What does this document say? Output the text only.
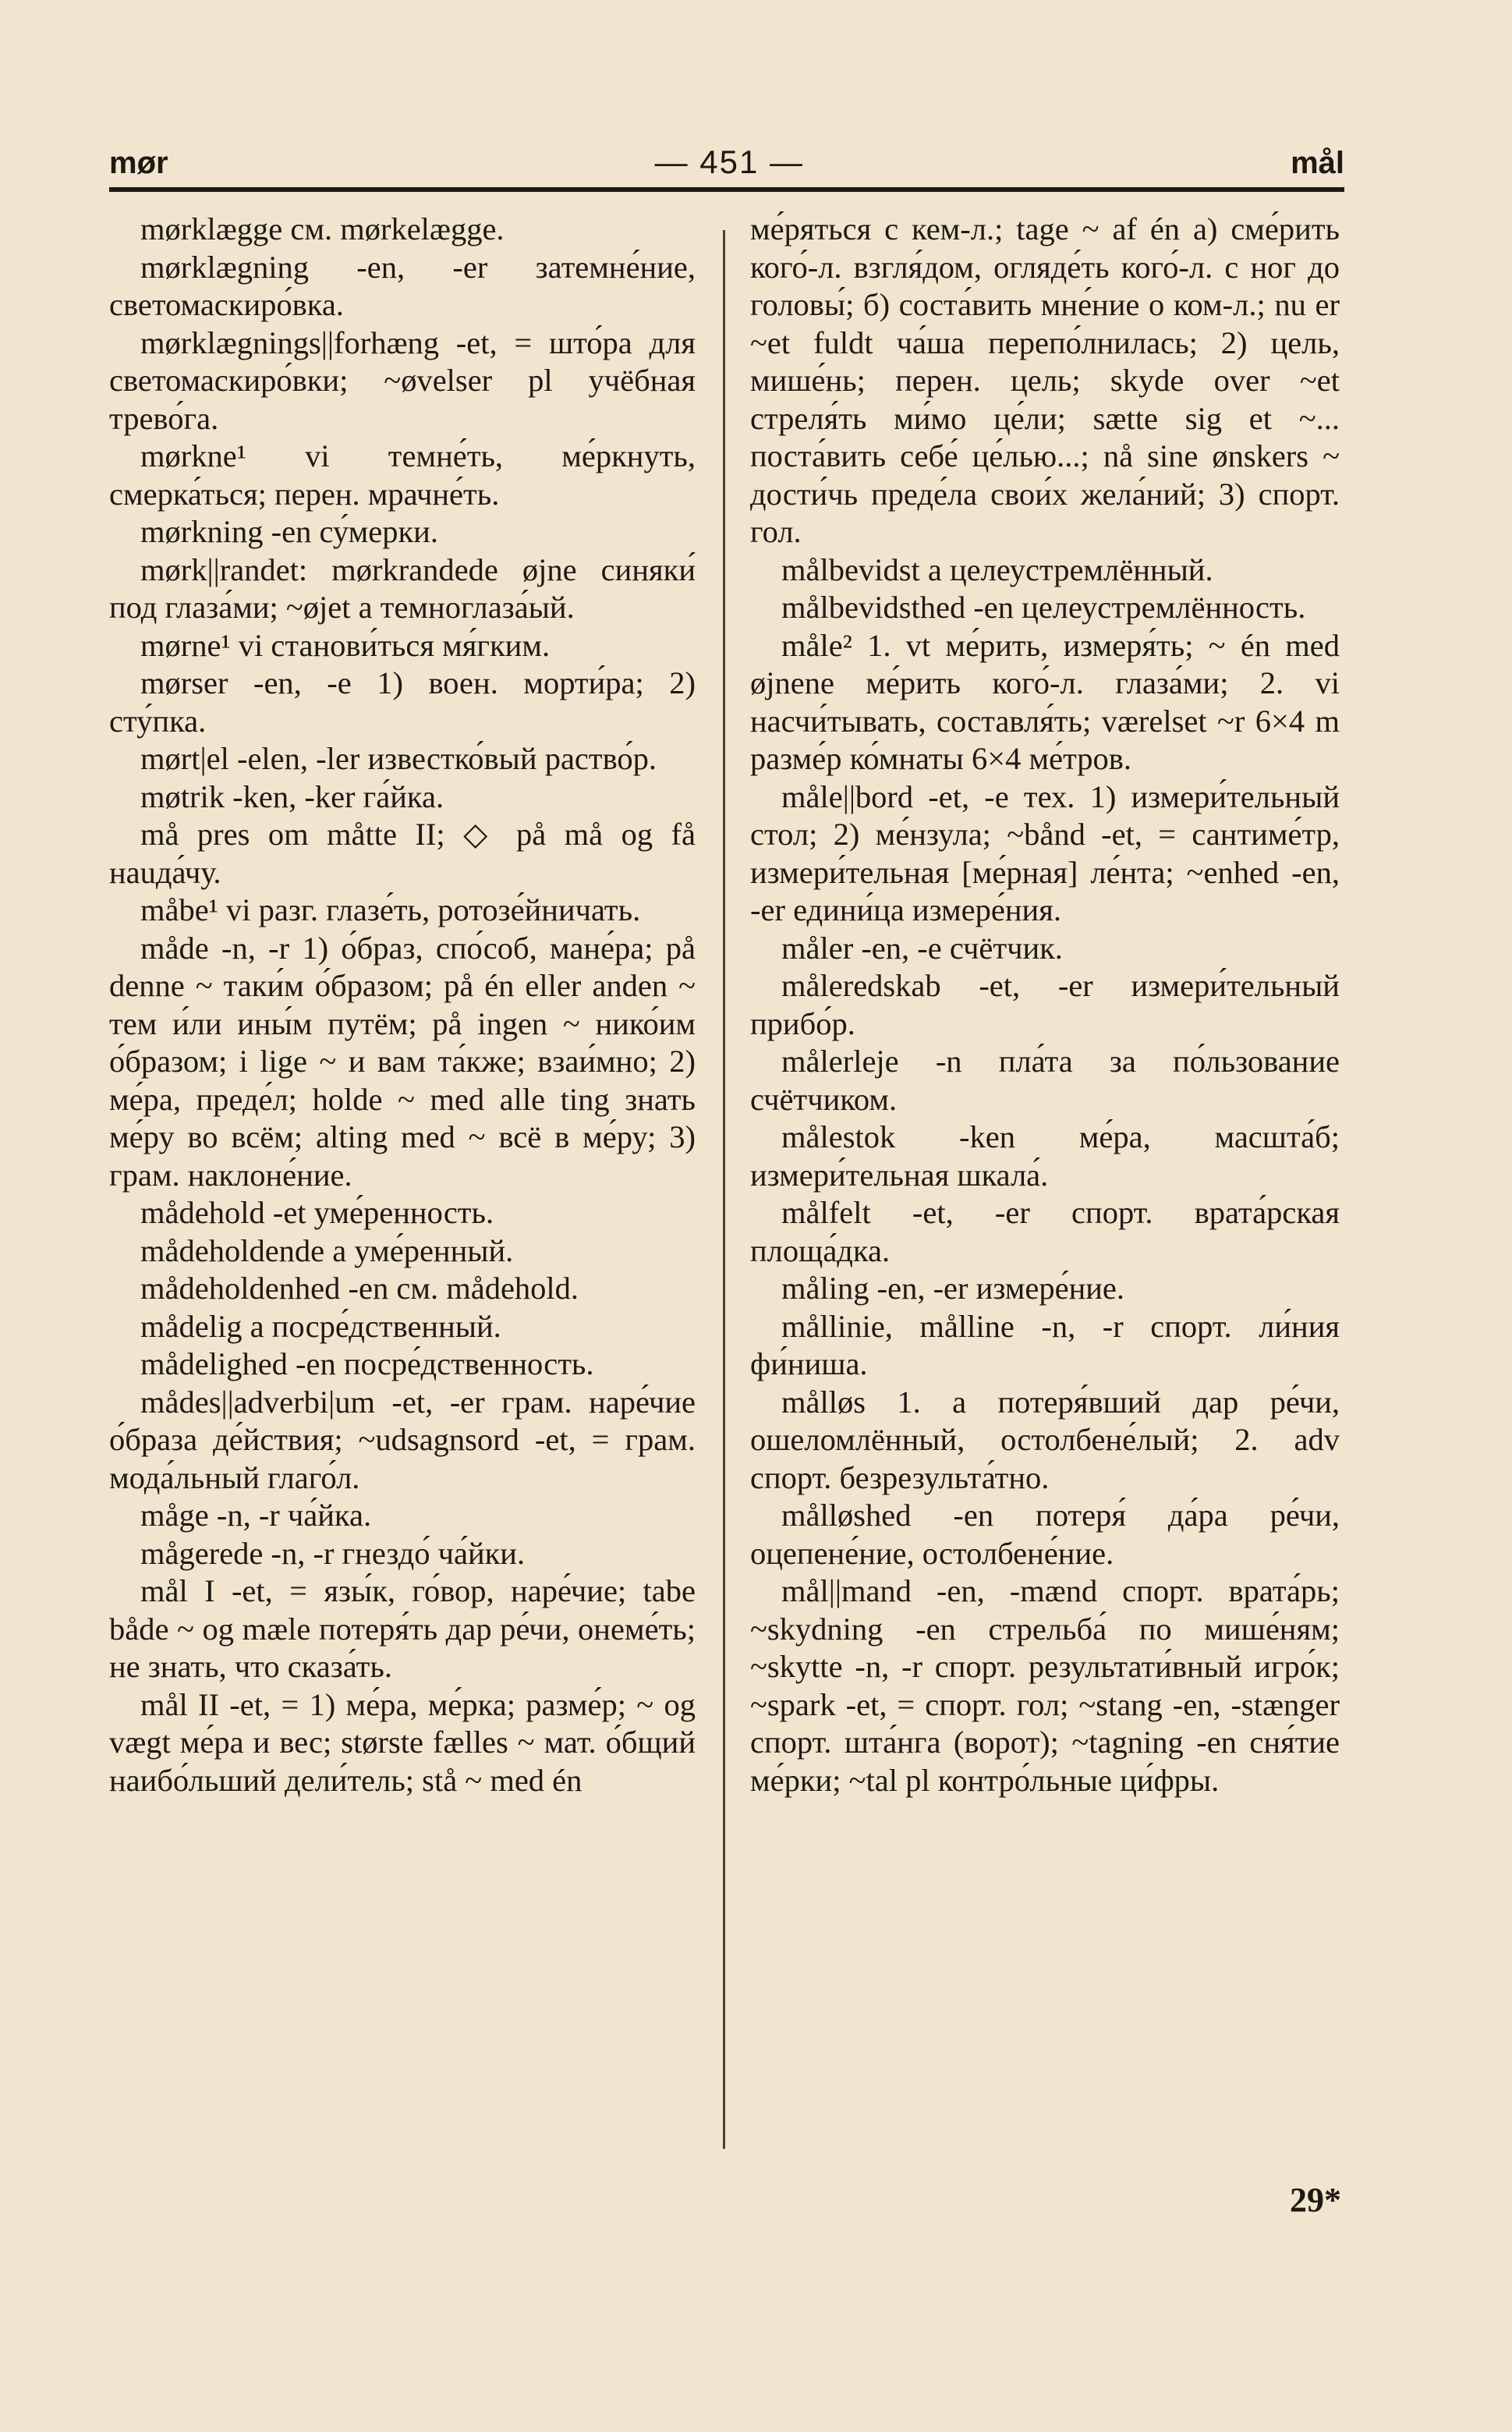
mør	— 451 —	mål

mørklægge см. mørkelægge.

mørklægning -en, -er затемне́ние, светомаскиро́вка.

mørklægnings||forhæng -et, = што́ра для светомаскиро́вки; ~øvelser pl учёбная трево́га.

mørkne¹ vi темне́ть, ме́ркнуть, смерка́ться; перен. мрачне́ть.

mørkning -en су́мерки.

mørk||randet: mørkrandede øjne синяки́ под глаза́ми; ~øjet a темноглаза́ый.

mørne¹ vi станови́ться мя́гким.

mørser -en, -e 1) воен. морти́ра; 2) сту́пка.

mørt|el -elen, -ler известко́вый раство́р.

møtrik -ken, -ker га́йка.

må pres om måtte II; ◇ på må og få наuда́чу.

måbe¹ vi разг. глазе́ть, ротозе́йничать.

måde -n, -r 1) о́браз, спо́соб, мане́ра; på denne ~ таки́м о́бразом; på én eller anden ~ тем и́ли ины́м путём; på ingen ~ нико́им о́бразом; i lige ~ и вам та́кже; взаи́мно; 2) ме́ра, преде́л; holde ~ med alle ting знать ме́ру во всём; alting med ~ всё в ме́ру; 3) грам. наклоне́ние.

mådehold -et уме́ренность.

mådeholdende a уме́ренный.

mådeholdenhed -en см. mådehold.

mådelig a посре́дственный.

mådelighed -en посре́дственность.

mådes||adverbi|um -et, -er грам. наре́чие о́браза де́йствия; ~udsagnsord -et, = грам. мода́льный глаго́л.

måge -n, -r ча́йка.

mågerede -n, -r гнездо́ ча́йки.

mål I -et, = язы́к, го́вор, наре́чие; tabe både ~ og mæle потеря́ть дар ре́чи, онеме́ть; не знать, что сказа́ть.

mål II -et, = 1) ме́ра, ме́рка; разме́р; ~ og vægt ме́ра и вес; største fælles ~ мат. о́бщий наибо́льший дели́тель; stå ~ med én

ме́ряться с кем-л.; tage ~ af én а) сме́рить кого́-л. взгля́дом, огляде́ть кого́-л. с ног до головы́; б) соста́вить мне́ние о ком-л.; nu er ~et fuldt ча́ша перепо́лнилась; 2) цель, мише́нь; перен. цель; skyde over ~et стреля́ть ми́мо це́ли; sætte sig et ~... поста́вить себе́ це́лью...; nå sine ønskers ~ дости́чь преде́ла свои́х жела́ний; 3) спорт. гол.

målbevidst a целеустремлённый.

målbevidsthed -en целеустремлённость.

måle² 1. vt ме́рить, измеря́ть; ~ én med øjnene ме́рить кого́-л. глаза́ми; 2. vi насчи́тывать, составля́ть; værelset ~r 6×4 m разме́р ко́мнаты 6×4 ме́тров.

måle||bord -et, -e тех. 1) измери́тельный стол; 2) ме́нзула; ~bånd -et, = сантиме́тр, измери́тельная [ме́рная] ле́нта; ~enhed -en, -er едини́ца измере́ния.

måler -en, -e счётчик.

måleredskab -et, -er измери́тельный прибо́р.

målerleje -n пла́та за по́льзование счётчиком.

målestok -ken ме́ра, масшта́б; измери́тельная шкала́.

målfelt -et, -er спорт. врата́рская площа́дка.

måling -en, -er измере́ние.

mållinie, målline -n, -r спорт. ли́ния фи́ниша.

målløs 1. a потеря́вший дар ре́чи, ошеломлённый, остолбене́лый; 2. adv спорт. безрезульта́тно.

målløshed -en потеря́ да́ра ре́чи, оцепене́ние, остолбене́ние.

mål||mand -en, -mænd спорт. врата́рь; ~skydning -en стрельба́ по мише́ням; ~skytte -n, -r спорт. результати́вный игро́к; ~spark -et, = спорт. гол; ~stang -en, -stænger спорт. шта́нга (ворот); ~tagning -en сня́тие ме́рки; ~tal pl контро́льные ци́фры.

29*
